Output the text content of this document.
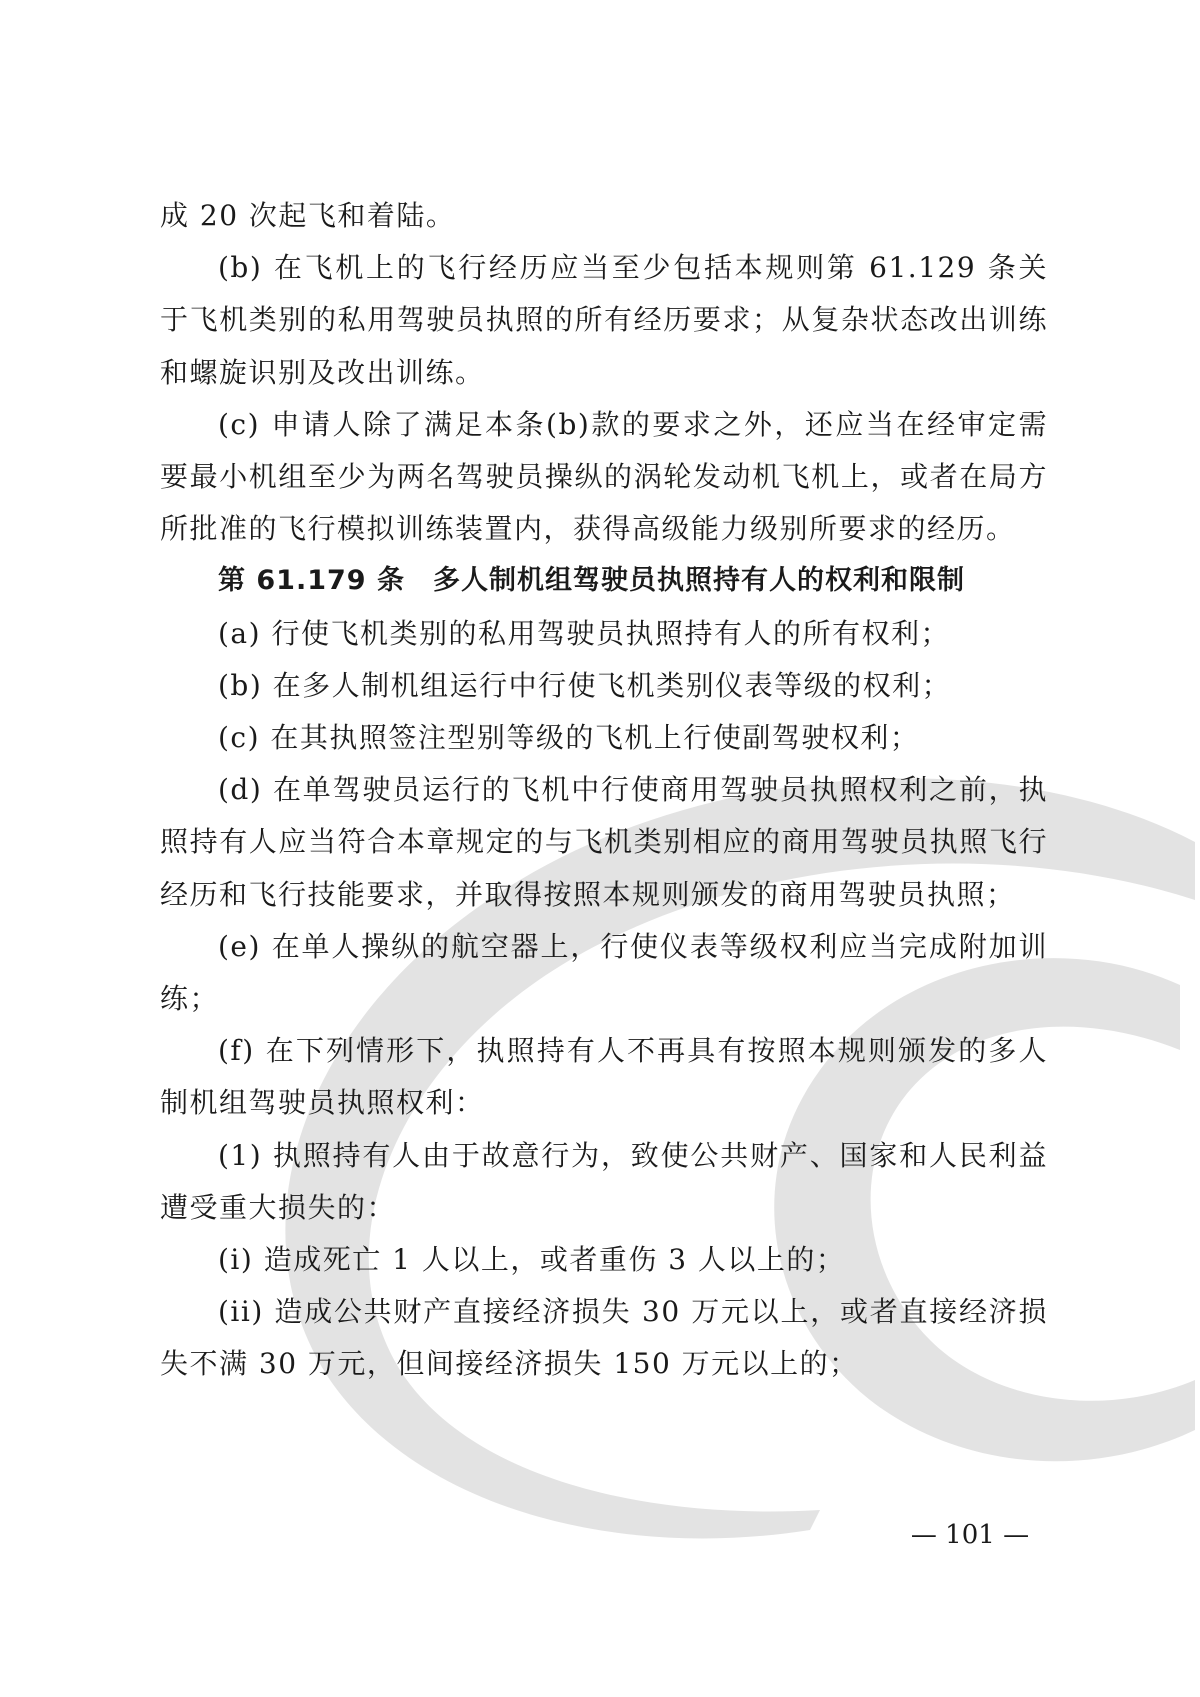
成 20 次起飞和着陆。

(b) 在飞机上的飞行经历应当至少包括本规则第 61.129 条关于飞机类别的私用驾驶员执照的所有经历要求；从复杂状态改出训练和螺旋识别及改出训练。

(c) 申请人除了满足本条(b)款的要求之外，还应当在经审定需要最小机组至少为两名驾驶员操纵的涡轮发动机飞机上，或者在局方所批准的飞行模拟训练装置内，获得高级能力级别所要求的经历。

第 61.179 条　多人制机组驾驶员执照持有人的权利和限制

(a) 行使飞机类别的私用驾驶员执照持有人的所有权利；

(b) 在多人制机组运行中行使飞机类别仪表等级的权利；

(c) 在其执照签注型别等级的飞机上行使副驾驶权利；

(d) 在单驾驶员运行的飞机中行使商用驾驶员执照权利之前，执照持有人应当符合本章规定的与飞机类别相应的商用驾驶员执照飞行经历和飞行技能要求，并取得按照本规则颁发的商用驾驶员执照；

(e) 在单人操纵的航空器上，行使仪表等级权利应当完成附加训练；

(f) 在下列情形下，执照持有人不再具有按照本规则颁发的多人制机组驾驶员执照权利：

(1) 执照持有人由于故意行为，致使公共财产、国家和人民利益遭受重大损失的：

(i) 造成死亡 1 人以上，或者重伤 3 人以上的；

(ii) 造成公共财产直接经济损失 30 万元以上，或者直接经济损失不满 30 万元，但间接经济损失 150 万元以上的；

— 101 —
